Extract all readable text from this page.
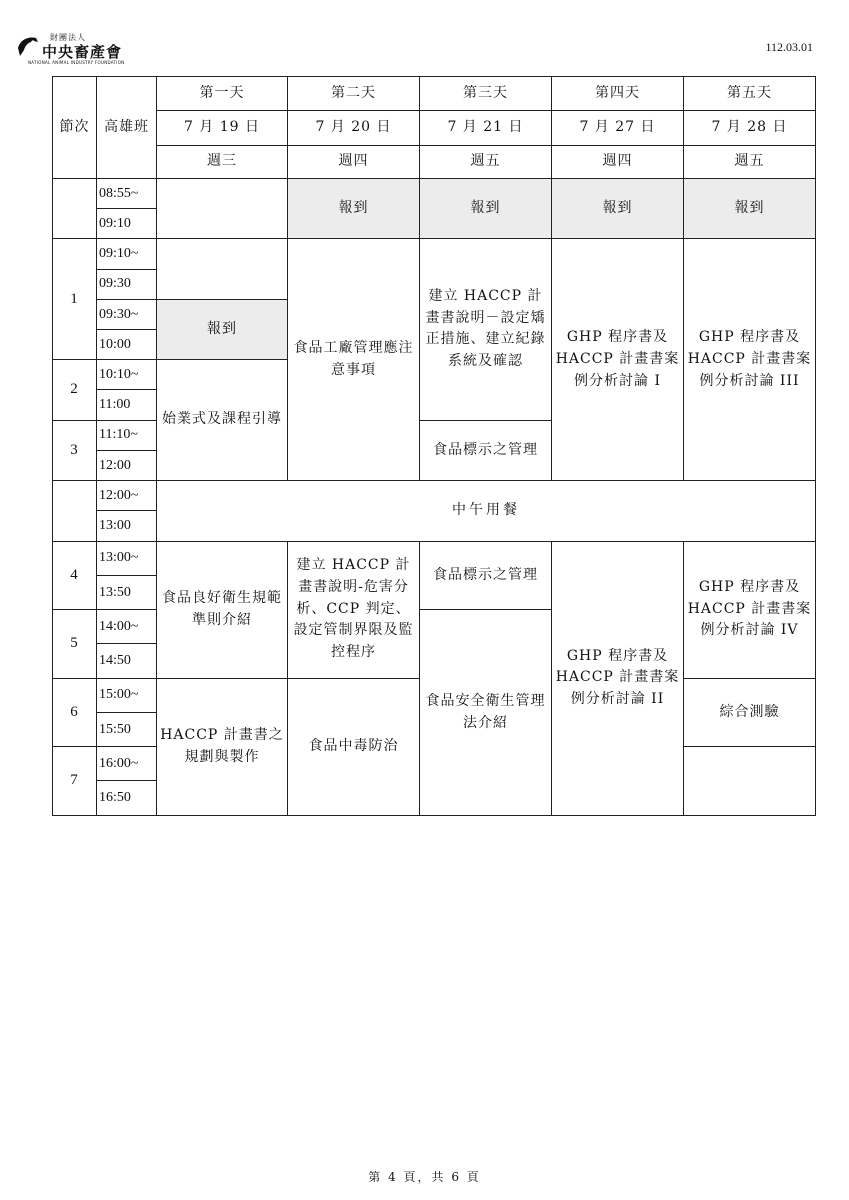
財團法人
中央畜產會
NATIONAL ANIMAL INDUSTRY FOUNDATION
112.03.01
節次	高雄班	第一天	第二天	第三天	第四天	第五天
		7 月 19 日	7 月 20 日	7 月 21 日	7 月 27 日	7 月 28 日
		週三	週四	週五	週四	週五
	08:55~		報到	報到	報到	報到
	09:10					
1	09:10~		食品工廠管理應注意事項	建立 HACCP 計畫書說明－設定矯正措施、建立紀錄系統及確認	GHP 程序書及 HACCP 計畫書案例分析討論 I	GHP 程序書及 HACCP 計畫書案例分析討論 III
	09:30					
	09:30~	報到				
	10:00					
2	10:10~	始業式及課程引導				
	11:00					
3	11:10~			食品標示之管理		
	12:00					
	12:00~	中午用餐				
	13:00					
4	13:00~	食品良好衛生規範準則介紹	建立 HACCP 計畫書說明-危害分析、CCP 判定、設定管制界限及監控程序	食品標示之管理	GHP 程序書及 HACCP 計畫書案例分析討論 II	GHP 程序書及 HACCP 計畫書案例分析討論 IV
	13:50					
5	14:00~			食品安全衛生管理法介紹		
	14:50					
6	15:00~	HACCP 計畫書之規劃與製作	食品中毒防治			綜合測驗
	15:50					
7	16:00~					
	16:50					
第 4 頁，共 6 頁
